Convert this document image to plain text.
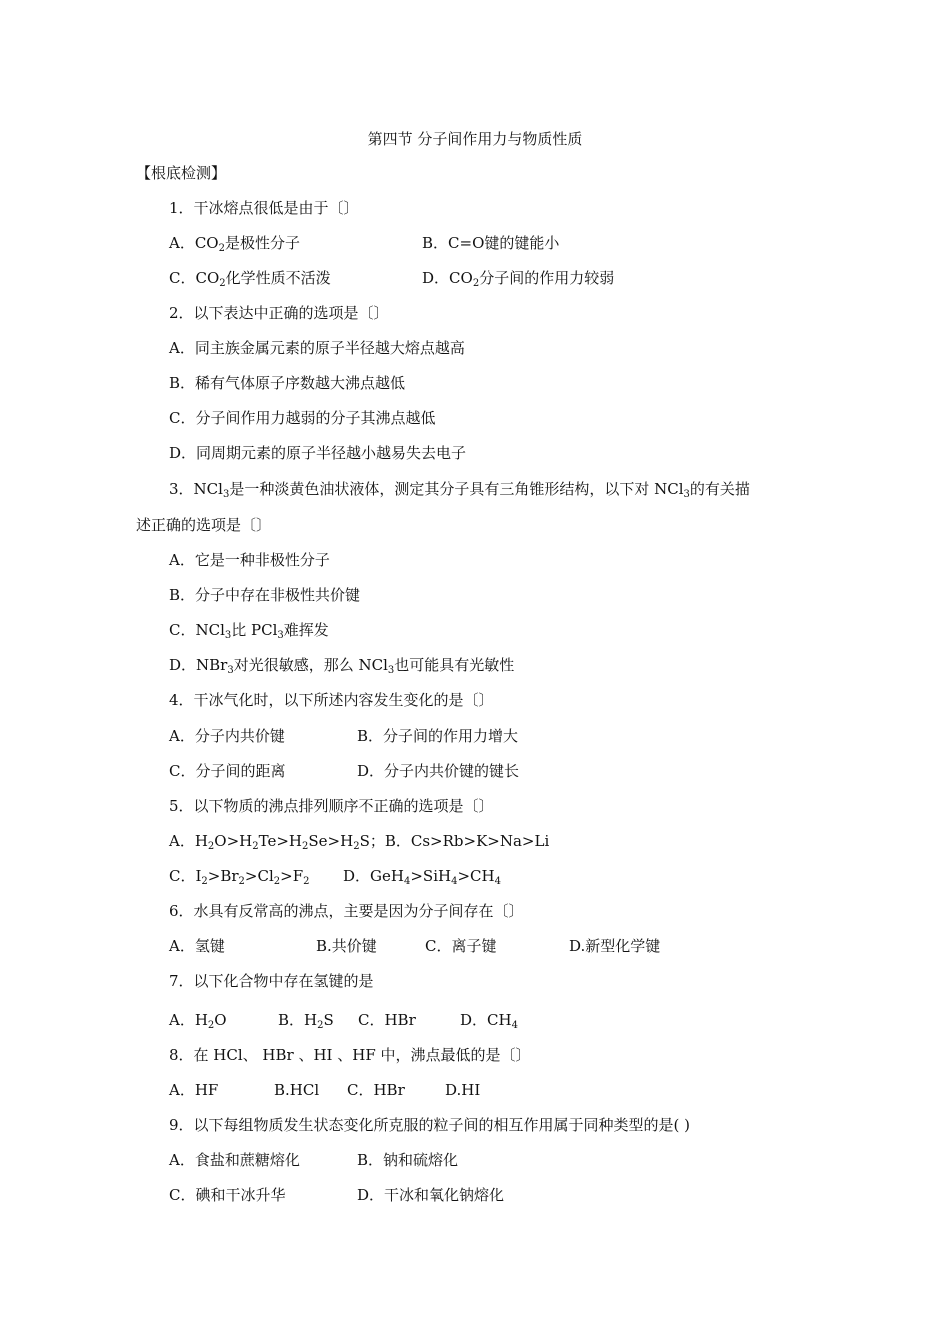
第四节 分子间作用力与物质性质
【根底检测】
1．干冰熔点很低是由于〔〕
A．$CO_2$是极性分子	B．C=O键的键能小
C．$CO_2$化学性质不活泼	D．$CO_2$分子间的作用力较弱
2．以下表达中正确的选项是〔〕
A．同主族金属元素的原子半径越大熔点越高
B．稀有气体原子序数越大沸点越低
C．分子间作用力越弱的分子其沸点越低
D．同周期元素的原子半径越小越易失去电子
3．NCl$_3$是一种淡黄色油状液体，测定其分子具有三角锥形结构，以下对 NCl$_3$的有关描
述正确的选项是〔〕
A．它是一种非极性分子
B．分子中存在非极性共价键
C．NCl$_3$比 PCl$_3$难挥发
D．NBr$_3$对光很敏感，那么 NCl$_3$也可能具有光敏性
4．干冰气化时，以下所述内容发生变化的是〔〕
A．分子内共价键	B．分子间的作用力增大
C．分子间的距离	D．分子内共价键的键长
5．以下物质的沸点排列顺序不正确的选项是〔〕
A．$H_2O>H_2Te>H_2Se>H_2S$；B．Cs>Rb>K>Na>Li
C．$I_2>Br_2>Cl_2>F_2$ D．$GeH_4>SiH_4>CH_4$
6．水具有反常高的沸点，主要是因为分子间存在〔〕
A．氢键	B.共价键	C．离子键	D.新型化学键
7．以下化合物中存在氢键的是
A．$H_2O$	B．$H_2S$ C．HBr	D．$CH_4$
8．在 HCl、 HBr 、HI 、HF 中，沸点最低的是〔〕
A．HF	B.HCl C．HBr	D.HI
9．以下每组物质发生状态变化所克服的粒子间的相互作用属于同种类型的是( )
A．食盐和蔗糖熔化	B．钠和硫熔化
C．碘和干冰升华	D．干冰和氧化钠熔化
